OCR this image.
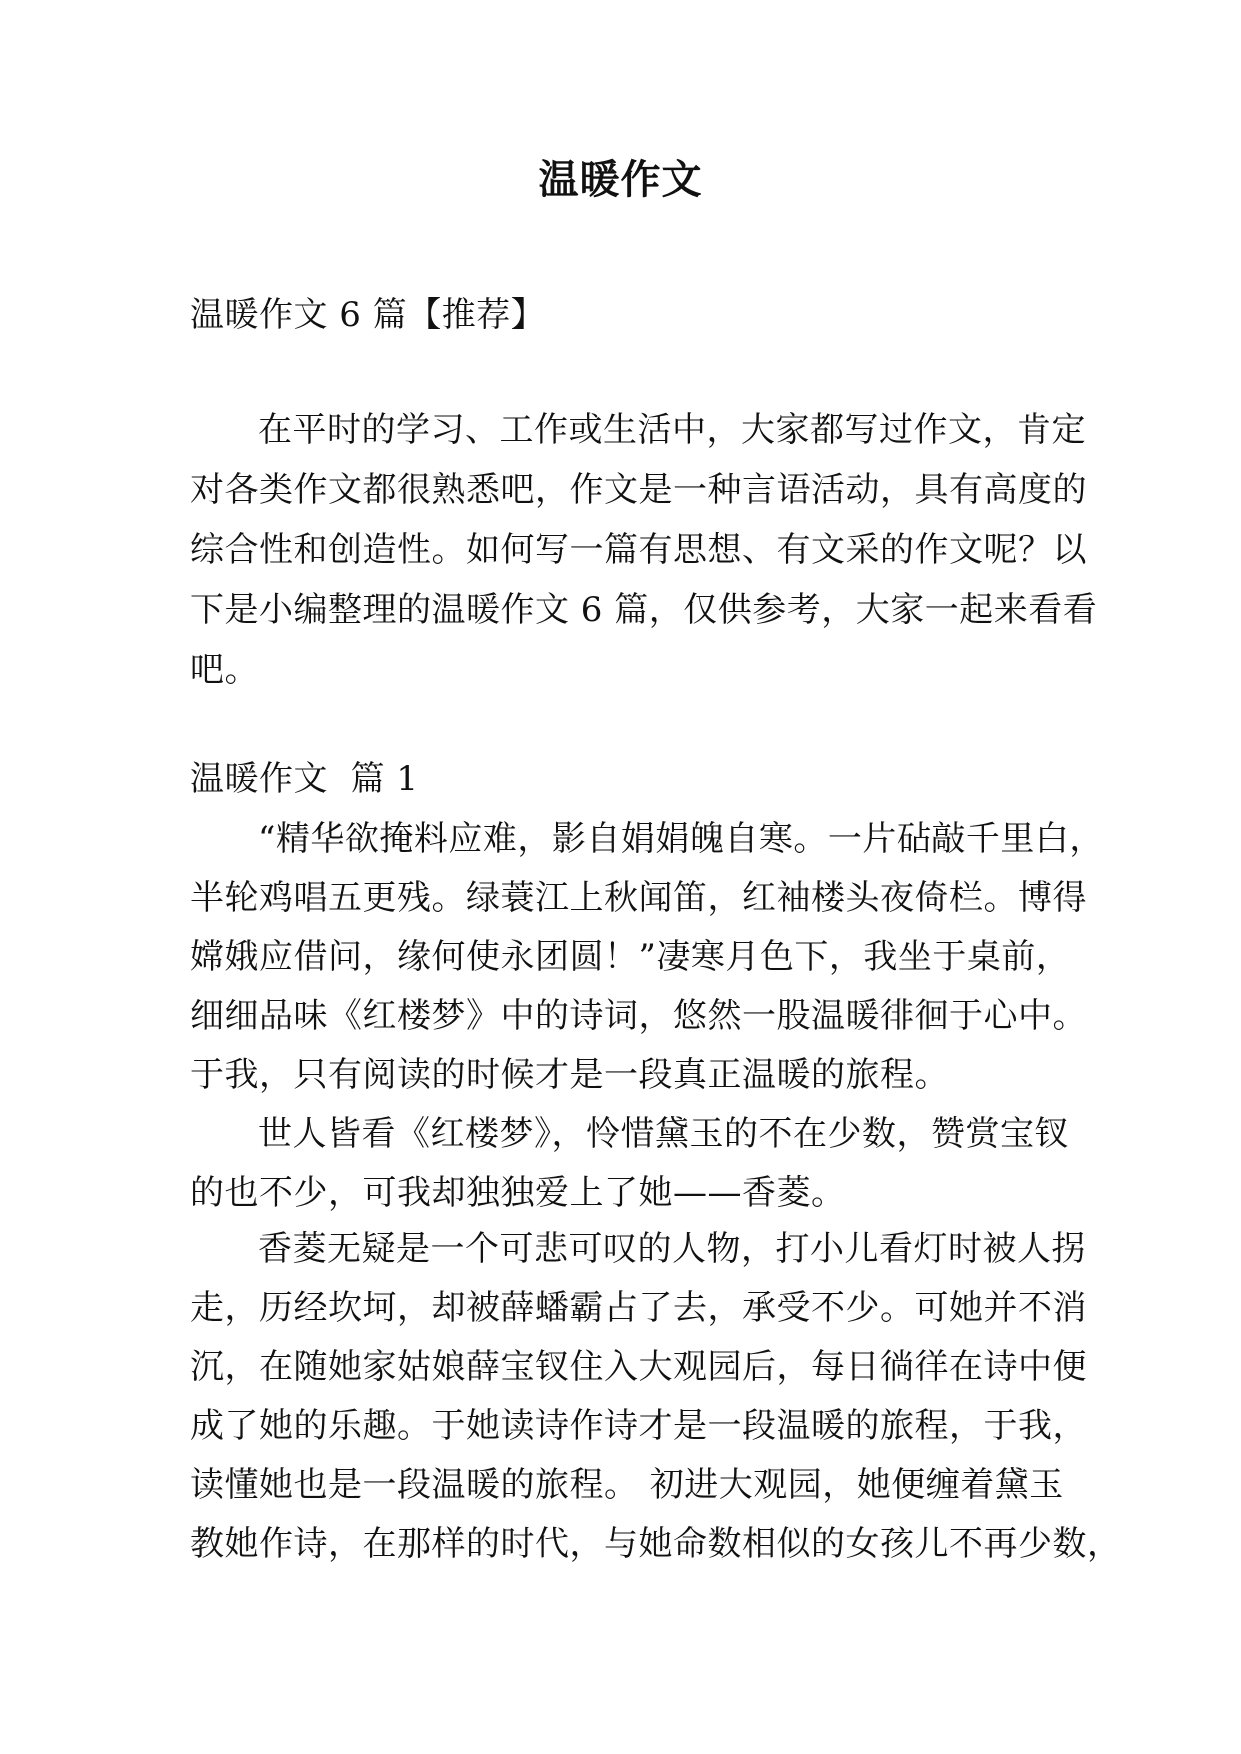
温暖作文
温暖作文 6 篇【推荐】
在平时的学习、工作或生活中，大家都写过作文，肯定
对各类作文都很熟悉吧，作文是一种言语活动，具有高度的
综合性和创造性。如何写一篇有思想、有文采的作文呢？以
下是小编整理的温暖作文 6 篇，仅供参考，大家一起来看看
吧。
温暖作文  篇 1
“精华欲掩料应难，影自娟娟魄自寒。一片砧敲千里白，
半轮鸡唱五更残。绿蓑江上秋闻笛，红袖楼头夜倚栏。博得
嫦娥应借问，缘何使永团圆！”凄寒月色下，我坐于桌前，
细细品味《红楼梦》中的诗词，悠然一股温暖徘徊于心中。
于我，只有阅读的时候才是一段真正温暖的旅程。
世人皆看《红楼梦》，怜惜黛玉的不在少数，赞赏宝钗
的也不少，可我却独独爱上了她——香菱。
香菱无疑是一个可悲可叹的人物，打小儿看灯时被人拐
走，历经坎坷，却被薛蟠霸占了去，承受不少。可她并不消
沉，在随她家姑娘薛宝钗住入大观园后，每日徜徉在诗中便
成了她的乐趣。于她读诗作诗才是一段温暖的旅程，于我，
读懂她也是一段温暖的旅程。 初进大观园，她便缠着黛玉
教她作诗，在那样的时代，与她命数相似的女孩儿不再少数，
